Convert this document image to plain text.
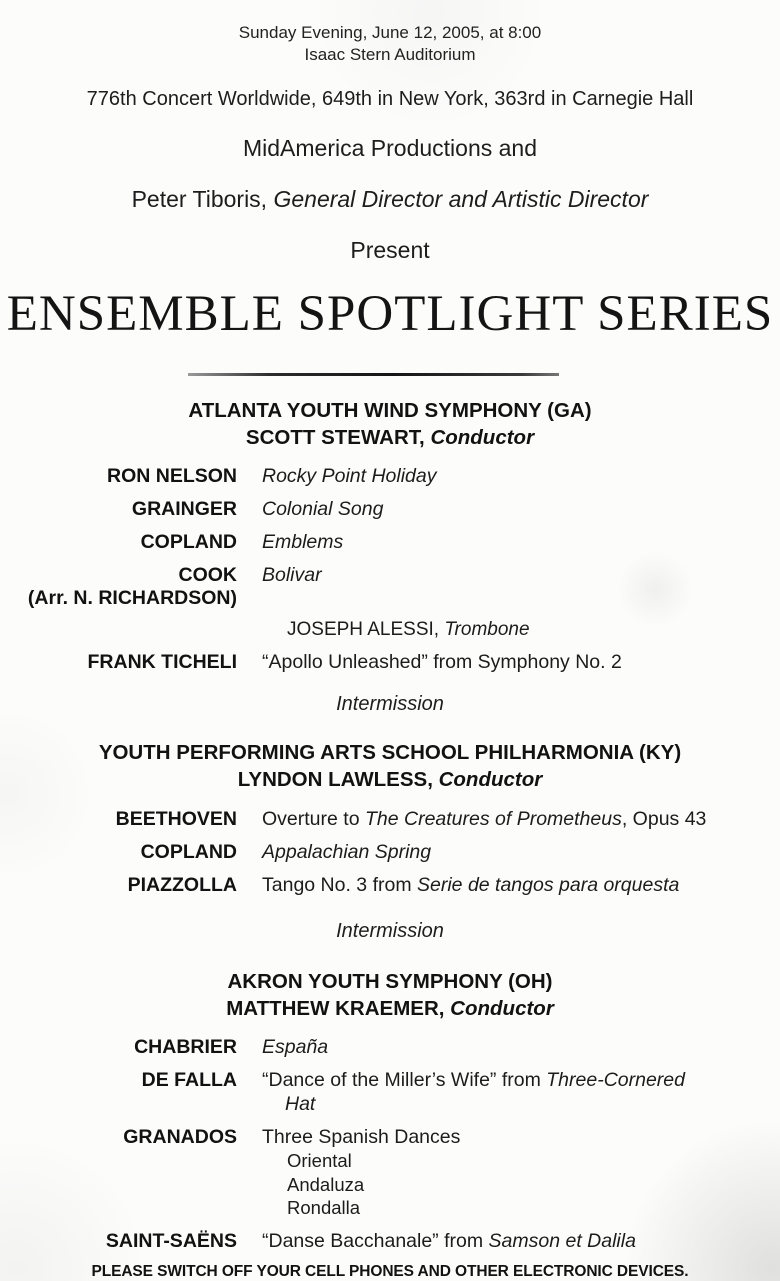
Sunday Evening, June 12, 2005, at 8:00
Isaac Stern Auditorium
776th Concert Worldwide, 649th in New York, 363rd in Carnegie Hall
MidAmerica Productions and
Peter Tiboris, General Director and Artistic Director
Present
ENSEMBLE SPOTLIGHT SERIES
ATLANTA YOUTH WIND SYMPHONY (GA)
SCOTT STEWART, Conductor
RON NELSON Rocky Point Holiday
GRAINGER Colonial Song
COPLAND Emblems
COOK
(Arr. N. RICHARDSON)
Bolivar
JOSEPH ALESSI, Trombone
FRANK TICHELI “Apollo Unleashed” from Symphony No. 2
Intermission
YOUTH PERFORMING ARTS SCHOOL PHILHARMONIA (KY)
LYNDON LAWLESS, Conductor
BEETHOVEN Overture to The Creatures of Prometheus, Opus 43
COPLAND Appalachian Spring
PIAZZOLLA Tango No. 3 from Serie de tangos para orquesta
Intermission
AKRON YOUTH SYMPHONY (OH)
MATTHEW KRAEMER, Conductor
CHABRIER España
DE FALLA “Dance of the Miller’s Wife” from Three-Cornered
Hat
GRANADOS Three Spanish Dances
Oriental
Andaluza
Rondalla
SAINT-SAËNS “Danse Bacchanale” from Samson et Dalila
PLEASE SWITCH OFF YOUR CELL PHONES AND OTHER ELECTRONIC DEVICES.
